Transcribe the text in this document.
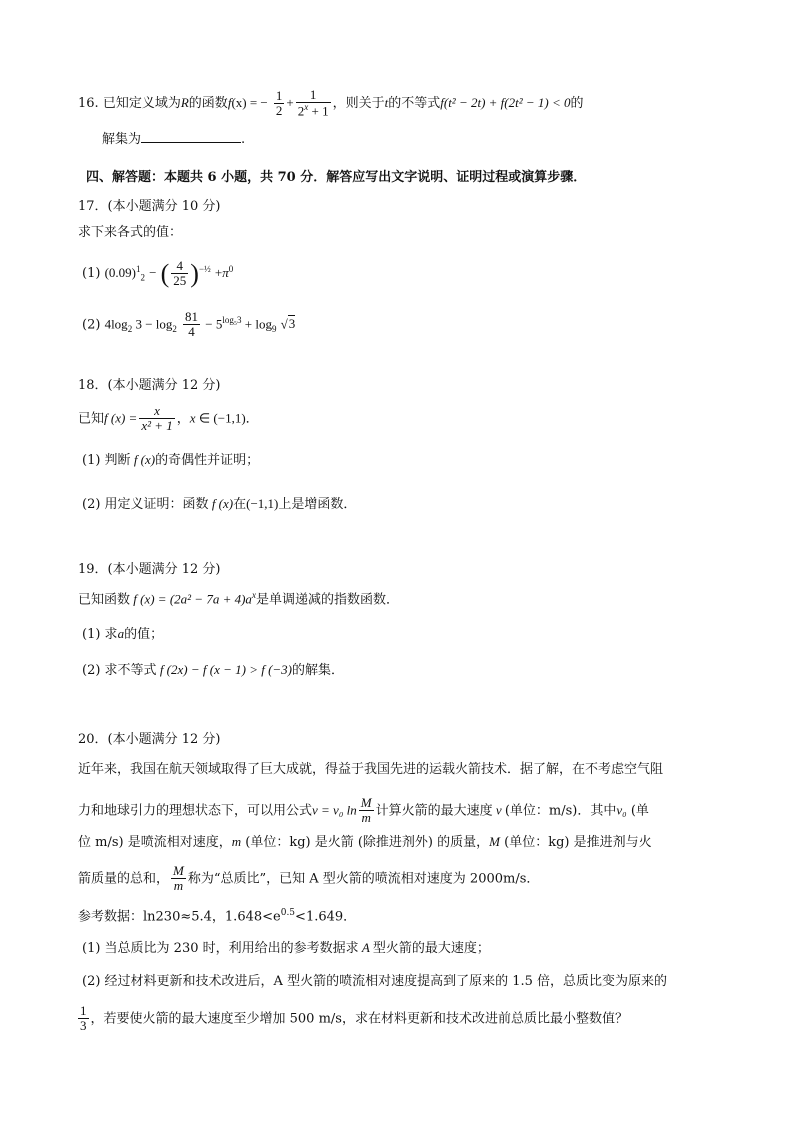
16. 已知定义域为R的函数f(x) = − $\frac{1}{2} + \frac{1}{2^x + 1}$ ，则关于t的不等式f(t² − 2t) + f(2t² − 1) < 0的
解集为	.
四、解答题：本题共 6 小题，共 70 分．解答应写出文字说明、证明过程或演算步骤．
17．(本小题满分 10 分)
求下来各式的值：
(1) $(0.09)^1_2$ − ( $\frac{4}{25} )^{-\frac{1}{2}} +\pi^0$
(2) $4\log_2$ $3 - \log_2 \frac{81}{4} - 5^{log_53} + \log_9 √3$
18．(本小题满分 12 分)
已知f $(x) = \frac{x}{\text{x² + 1}}$ ，x ∈ (−1,1)．
(1) 判断 f (x)的奇偶性并证明；
(2) 用定义证明：函数 f (x)在(−1,1)上是增函数．
19．(本小题满分 12 分)
已知函数 f $(x) = (2a^2 - 7a + 4)a^x$是单调递减的指数函数．
(1) 求a的值；
(2) 求不等式 f (2x) − f (x − 1) > f (−3)的解集．
20．(本小题满分 12 分)
近年来，我国在航天领域取得了巨大成就，得益于我国先进的运载火箭技术．据了解，在不考虑空气阻
力和地球引力的理想状态下，可以用公式v = v₀ $\ln \frac{M}{m}$ 计算火箭的最大速度 v (单位：m/s)．其中v₀ (单
位 m/s) 是喷流相对速度，m (单位：kg) 是火箭 (除推进剂外) 的质量，M (单位：kg) 是推进剂与火
箭质量的总和， $\frac{M}{m}$ 称为“总质比”，已知 A 型火箭的喷流相对速度为 2000m/s．
参考数据：ln230≈5.4，$1.648<e^{0.5}<1.649$．
(1) 当总质比为 230 时，利用给出的参考数据求 A 型火箭的最大速度；
(2) 经过材料更新和技术改进后，A 型火箭的喷流相对速度提高到了原来的 1.5 倍，总质比变为原来的
$\frac{1}{3}$ ，若要使火箭的最大速度至少增加 500 m/s，求在材料更新和技术改进前总质比最小整数值？
